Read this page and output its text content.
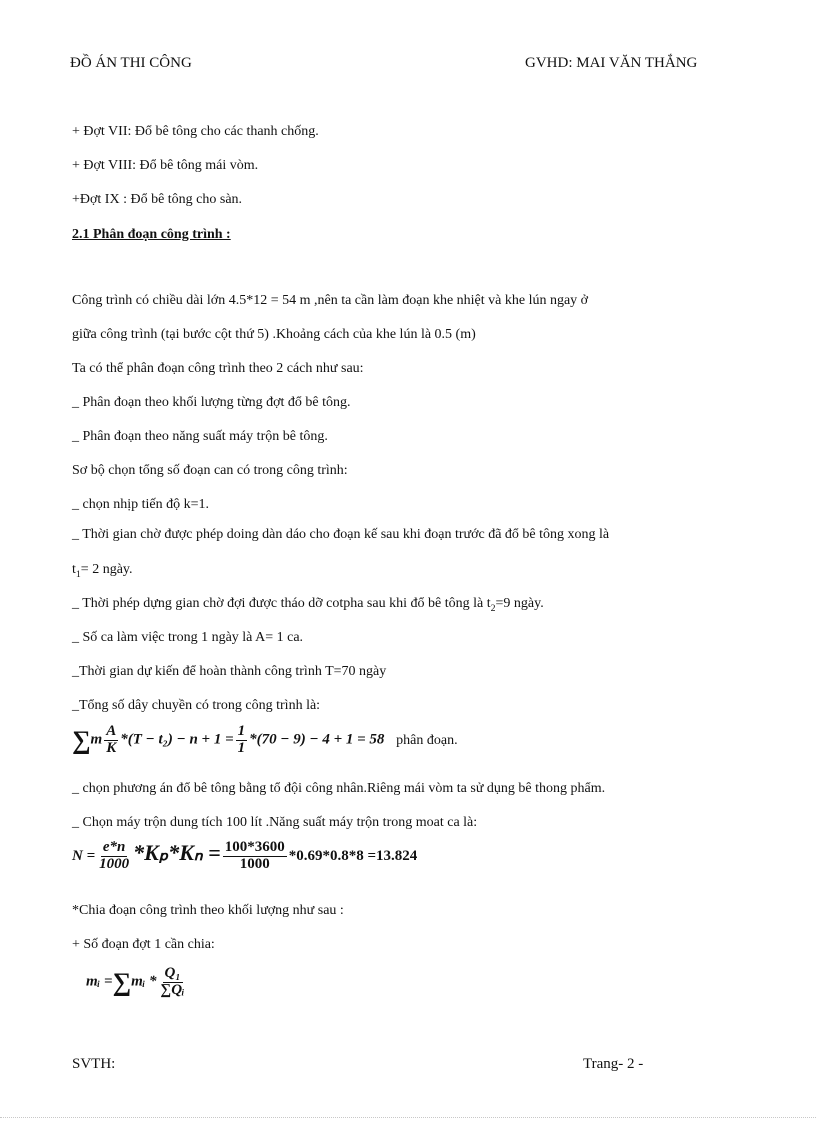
ĐỒ ÁN THI CÔNG	GVHD: MAI VĂN THẮNG
+ Đợt VII: Đổ bê tông cho các thanh chống.
+ Đợt VIII: Đổ bê tông mái vòm.
+Đợt IX : Đổ bê tông cho sàn.
2.1 Phân đoạn công trình :
Công trình có chiều dài lớn 4.5*12 = 54 m ,nên ta cần làm đoạn khe nhiệt và khe lún ngay ở
giữa công trình (tại bước cột thứ 5) .Khoảng cách của khe lún là 0.5 (m)
Ta có thể phân đoạn công trình theo 2 cách như sau:
_ Phân đoạn theo khối lượng từng đợt đổ bê tông.
_ Phân đoạn theo năng suất máy trộn bê tông.
Sơ bộ chọn tổng số đoạn can có trong công trình:
_ chọn nhịp tiến độ k=1.
_ Thời gian chờ được phép doing dàn dáo cho đoạn kế sau khi đoạn trước đã đổ bê tông xong là
$t_1= 2$ ngày.
_ Thời phép dựng gian chờ đợi được tháo dỡ cotpha sau khi đổ bê tông là $t_2=9$ ngày.
_ Số ca làm việc trong 1 ngày là A= 1 ca.
_Thời gian dự kiến để hoàn thành công trình T=70 ngày
_Tổng số dây chuyền có trong công trình là:
$\sum m \frac{A}{K} *(T - t_2) - n + 1 = \frac{1}{1} *(70 - 9) - 4 + 1 = 58$ phân đoạn.
_ chọn phương án đổ bê tông bằng tổ đội công nhân.Riêng mái vòm ta sử dụng bê thong phẩm.
_ Chọn máy trộn dung tích 100 lít .Năng suất máy trộn trong moat ca là:
$N = \frac{e*n}{1000} *K_p*K_n = \frac{100*3600}{1000} *0.69*0.8*8 =13.824$
*Chia đoạn công trình theo khối lượng như sau :
+ Số đoạn đợt 1 cần chia:
mᵢ =∑mᵢ * $\frac{\text{Q₁}}{\text{∑Qᵢ}}$
SVTH:	Trang- 2 -
